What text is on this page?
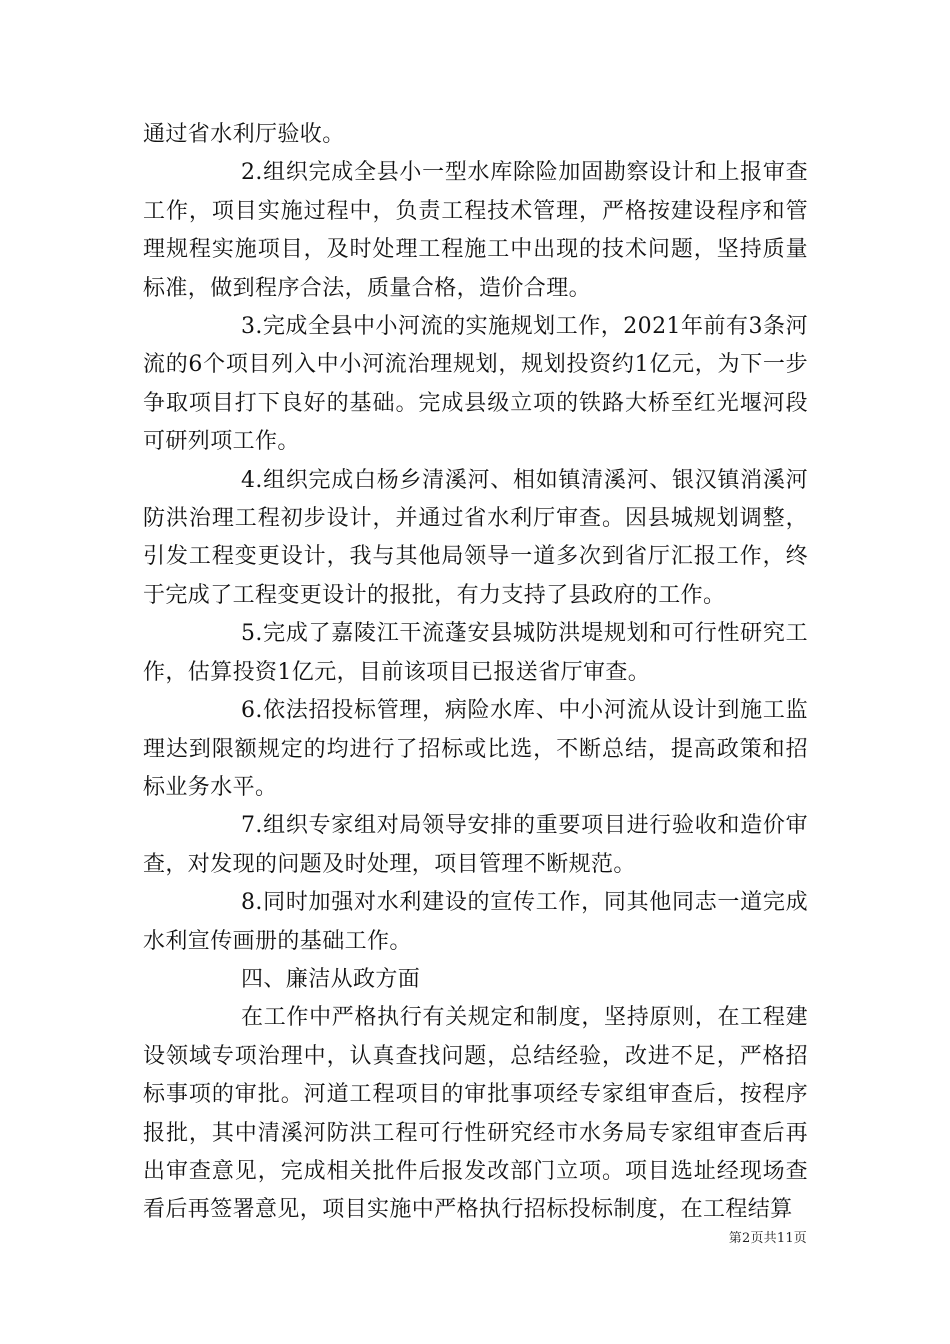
通过省水利厅验收。

2.组织完成全县小一型水库除险加固勘察设计和上报审查工作，项目实施过程中，负责工程技术管理，严格按建设程序和管理规程实施项目，及时处理工程施工中出现的技术问题，坚持质量标准，做到程序合法，质量合格，造价合理。

3.完成全县中小河流的实施规划工作，2021年前有3条河流的6个项目列入中小河流治理规划，规划投资约1亿元，为下一步争取项目打下良好的基础。完成县级立项的铁路大桥至红光堰河段可研列项工作。

4.组织完成白杨乡清溪河、相如镇清溪河、银汉镇消溪河防洪治理工程初步设计，并通过省水利厅审查。因县城规划调整，引发工程变更设计，我与其他局领导一道多次到省厅汇报工作，终于完成了工程变更设计的报批，有力支持了县政府的工作。

5.完成了嘉陵江干流蓬安县城防洪堤规划和可行性研究工作，估算投资1亿元，目前该项目已报送省厅审查。

6.依法招投标管理，病险水库、中小河流从设计到施工监理达到限额规定的均进行了招标或比选，不断总结，提高政策和招标业务水平。

7.组织专家组对局领导安排的重要项目进行验收和造价审查，对发现的问题及时处理，项目管理不断规范。

8.同时加强对水利建设的宣传工作，同其他同志一道完成水利宣传画册的基础工作。

四、廉洁从政方面

在工作中严格执行有关规定和制度，坚持原则，在工程建设领域专项治理中，认真查找问题，总结经验，改进不足，严格招标事项的审批。河道工程项目的审批事项经专家组审查后，按程序报批，其中清溪河防洪工程可行性研究经市水务局专家组审查后再出审查意见，完成相关批件后报发改部门立项。项目选址经现场查看后再签署意见，项目实施中严格执行招标投标制度，在工程结算

第2页共11页
